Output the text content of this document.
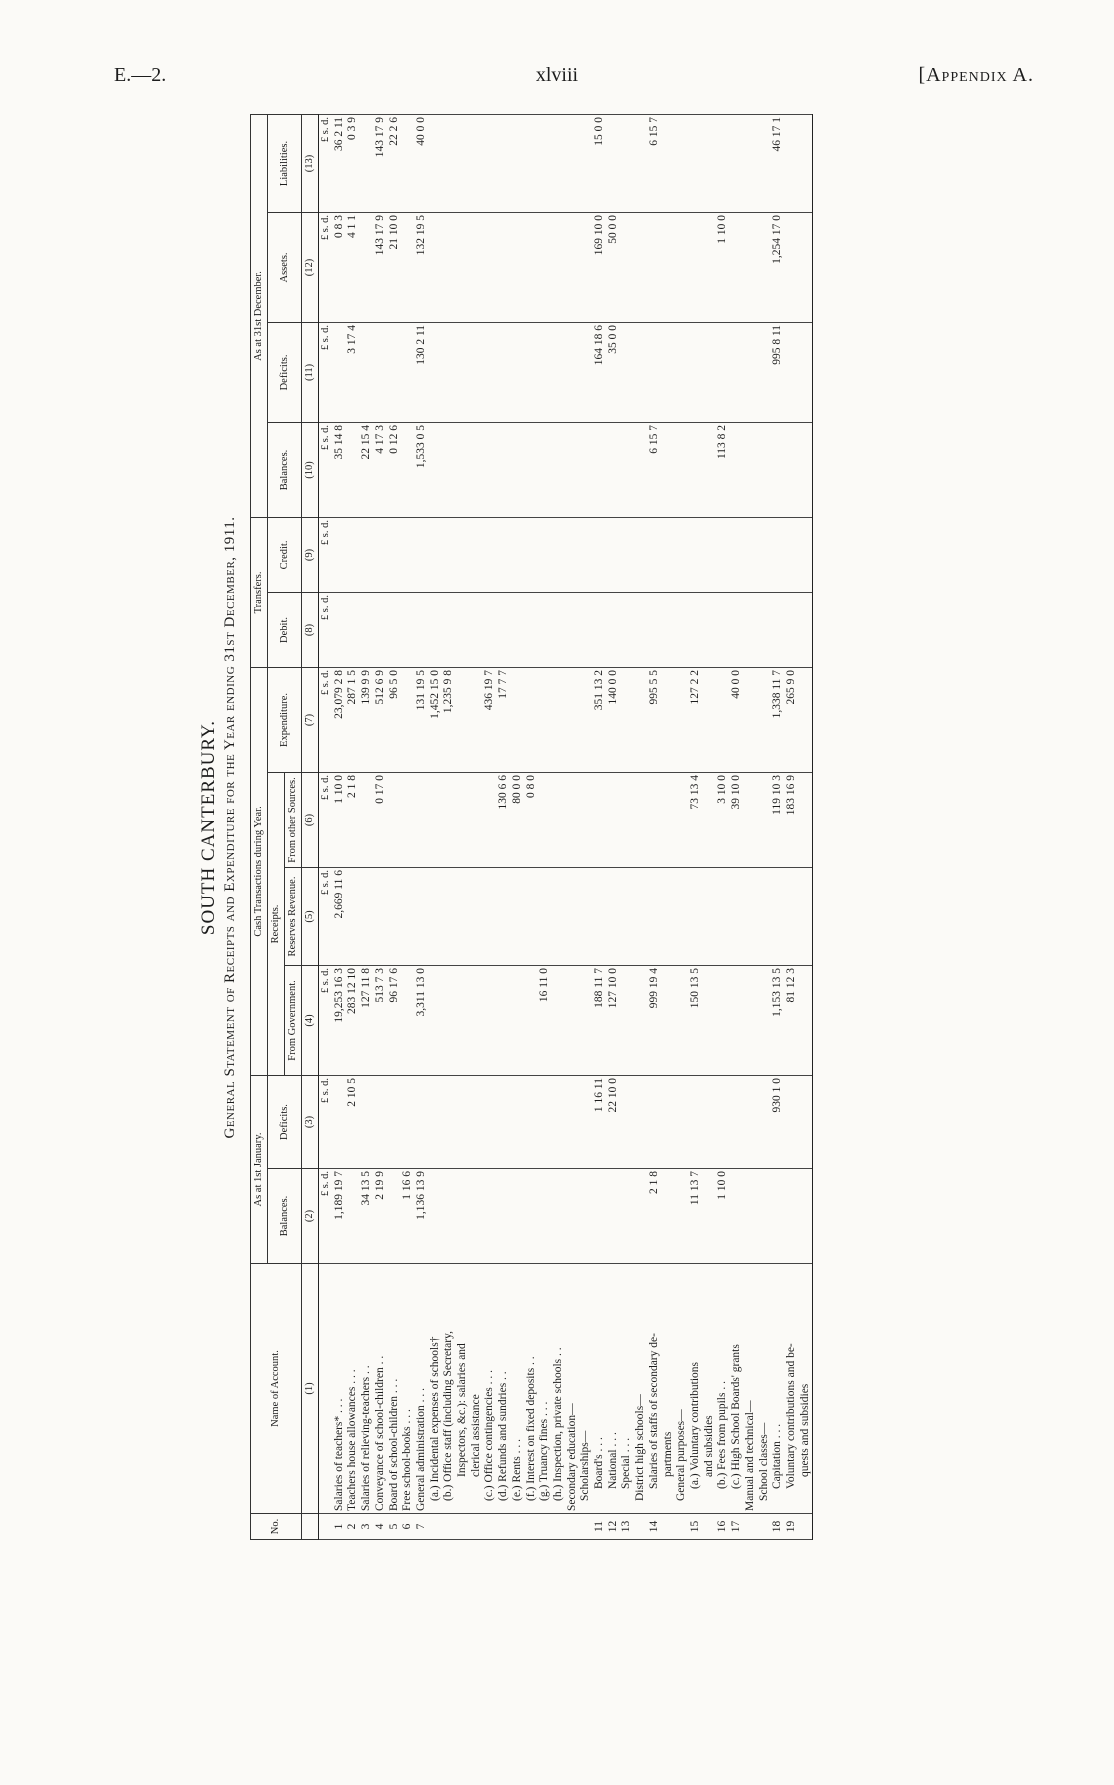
E.—2.	xlviii	[Appendix A.
SOUTH CANTERBURY. General Statement of Receipts and Expenditure for the Year ending 31st December, 1911.
No.	Name of Account.	As at 1st January.		Cash Transactions during Year.				Transfers.		As at 31st December.			
		Balances.	Deficits.	Receipts.			Expenditure.	Debit.	Credit.	Balances.	Deficits.	Assets.	Liabilities.
				From Government.	Reserves Revenue.	From other Sources.							
	(1)	(2)	(3)	(4)	(5)	(6)	(7)	(8)	(9)	(10)	(11)	(12)	(13)
		£ s. d.	£ s. d.	£ s. d.	£ s. d.	£ s. d.	£ s. d.	£ s. d.	£ s. d.	£ s. d.	£ s. d.	£ s. d.	£ s. d.
1	Salaries of teachers* . . .	1,189 19 7		19,253 16 3	2,669 11 6	1 10 0	23,079 2 8			35 14 8		0 8 3	36 2 11
2	Teachers house allowances . . .		2 10 5	283 12 10		2 1 8	287 1 5				3 17 4	4 1 1	0 3 9
3	Salaries of relieving-teachers . .	34 13 5		127 11 8			139 9 9			22 15 4			
4	Conveyance of school-children . .	2 19 9		513 7 3		0 17 0	512 6 9			4 17 3		143 17 9	143 17 9
5	Board of school-children . . .			96 17 6			96 5 0			0 12 6		21 10 0	22 2 6
6	Free school-books . . .	1 16 6											
7	General administration . . .	1,136 13 9		3,311 13 0			131 19 5			1,533 0 5	130 2 11	132 19 5	40 0 0
	(a.) Incidental expenses of schools†						1,452 15 0						
	(b.) Office staff (including Secretary,						1,235 9 8						
	Inspectors, &c.): salaries and												
	clerical assistance												
	(c.) Office contingencies . . .						436 19 7						
	(d.) Refunds and sundries . .					130 6 6	17 7 7						
	(e.) Rents . . .					80 0 0							
	(f.) Interest on fixed deposits . .					0 8 0							
	(g.) Truancy fines . . .			16 11 0									
	(h.) Inspection, private schools . .												
	Secondary education—												
	Scholarships—												
11	Board's . . .		1 16 11	188 11 7			351 13 2				164 18 6	169 10 0	15 0 0
12	National . . .		22 10 0	127 10 0			140 0 0				35 0 0	50 0 0	
13	Special . . .												
	District high schools—												
14	Salaries of staffs of secondary de-	2 1 8		999 19 4			995 5 5			6 15 7			6 15 7
	partments												
	General purposes—												
15	(a.) Voluntary contributions	11 13 7		150 13 5		73 13 4	127 2 2						
	and subsidies												
16	(b.) Fees from pupils . .	1 10 0				3 10 0				113 8 2		1 10 0	
17	(c.) High School Boards' grants					39 10 0	40 0 0						
	Manual and technical—												
	School classes—												
18	Capitation . . .		930 1 0	1,153 13 5		119 10 3	1,338 11 7				995 8 11	1,254 17 0	46 17 1
19	Voluntary contributions and be-			81 12 3		183 16 9	265 9 0						
	quests and subsidies												
